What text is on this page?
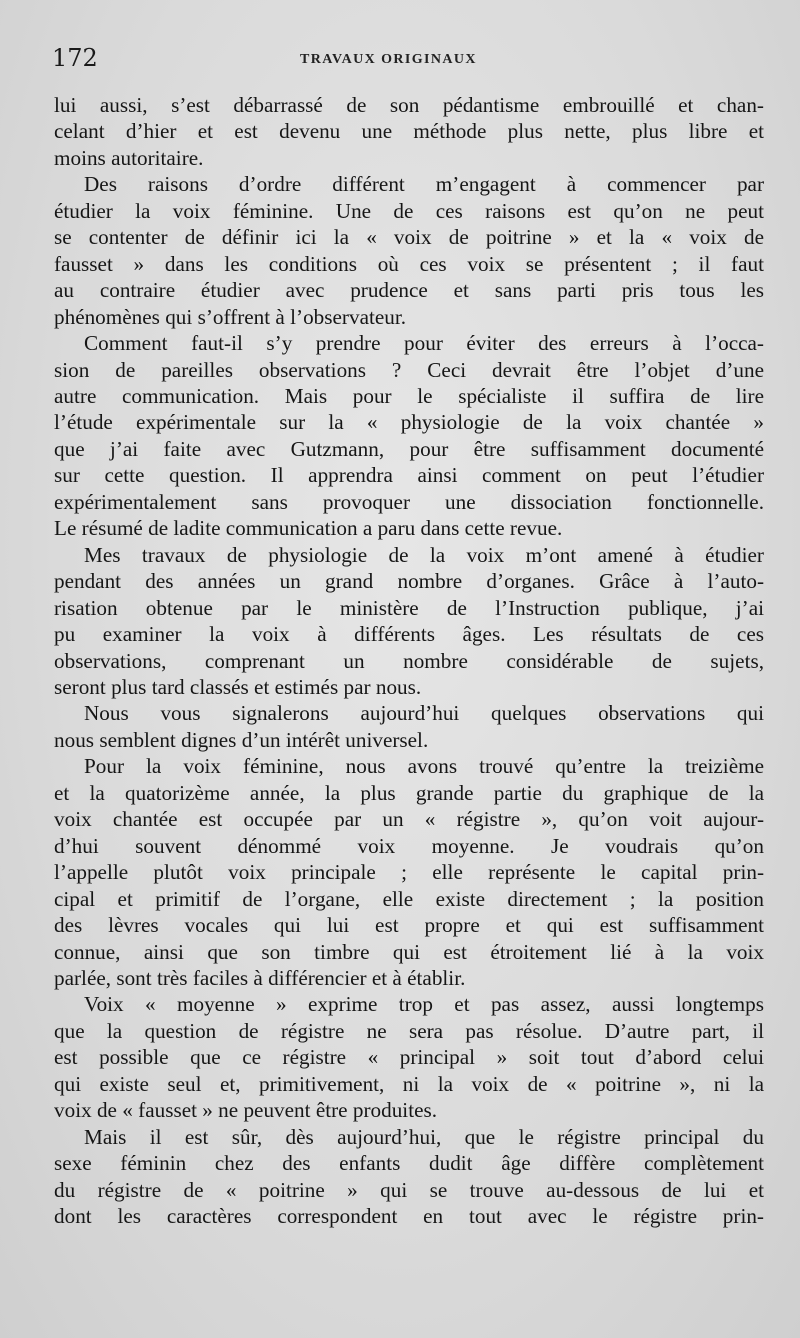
172	TRAVAUX ORIGINAUX

lui aussi, s’est débarrassé de son pédantisme embrouillé et chan-
celant d’hier et est devenu une méthode plus nette, plus libre et
moins autoritaire.

Des raisons d’ordre différent m’engagent à commencer par
étudier la voix féminine. Une de ces raisons est qu’on ne peut
se contenter de définir ici la « voix de poitrine » et la « voix de
fausset » dans les conditions où ces voix se présentent ; il faut
au contraire étudier avec prudence et sans parti pris tous les
phénomènes qui s’offrent à l’observateur.

Comment faut-il s’y prendre pour éviter des erreurs à l’occa-
sion de pareilles observations ? Ceci devrait être l’objet d’une
autre communication. Mais pour le spécialiste il suffira de lire
l’étude expérimentale sur la « physiologie de la voix chantée »
que j’ai faite avec Gutzmann, pour être suffisamment documenté
sur cette question. Il apprendra ainsi comment on peut l’étudier
expérimentalement sans provoquer une dissociation fonctionnelle.
Le résumé de ladite communication a paru dans cette revue.

Mes travaux de physiologie de la voix m’ont amené à étudier
pendant des années un grand nombre d’organes. Grâce à l’auto-
risation obtenue par le ministère de l’Instruction publique, j’ai
pu examiner la voix à différents âges. Les résultats de ces
observations, comprenant un nombre considérable de sujets,
seront plus tard classés et estimés par nous.

Nous vous signalerons aujourd’hui quelques observations qui
nous semblent dignes d’un intérêt universel.

Pour la voix féminine, nous avons trouvé qu’entre la treizième
et la quatorizème année, la plus grande partie du graphique de la
voix chantée est occupée par un « régistre », qu’on voit aujour-
d’hui souvent dénommé voix moyenne. Je voudrais qu’on
l’appelle plutôt voix principale ; elle représente le capital prin-
cipal et primitif de l’organe, elle existe directement ; la position
des lèvres vocales qui lui est propre et qui est suffisamment
connue, ainsi que son timbre qui est étroitement lié à la voix
parlée, sont très faciles à différencier et à établir.

Voix « moyenne » exprime trop et pas assez, aussi longtemps
que la question de régistre ne sera pas résolue. D’autre part, il
est possible que ce régistre « principal » soit tout d’abord celui
qui existe seul et, primitivement, ni la voix de « poitrine », ni la
voix de « fausset » ne peuvent être produites.

Mais il est sûr, dès aujourd’hui, que le régistre principal du
sexe féminin chez des enfants dudit âge diffère complètement
du régistre de « poitrine » qui se trouve au-dessous de lui et
dont les caractères correspondent en tout avec le régistre prin-
